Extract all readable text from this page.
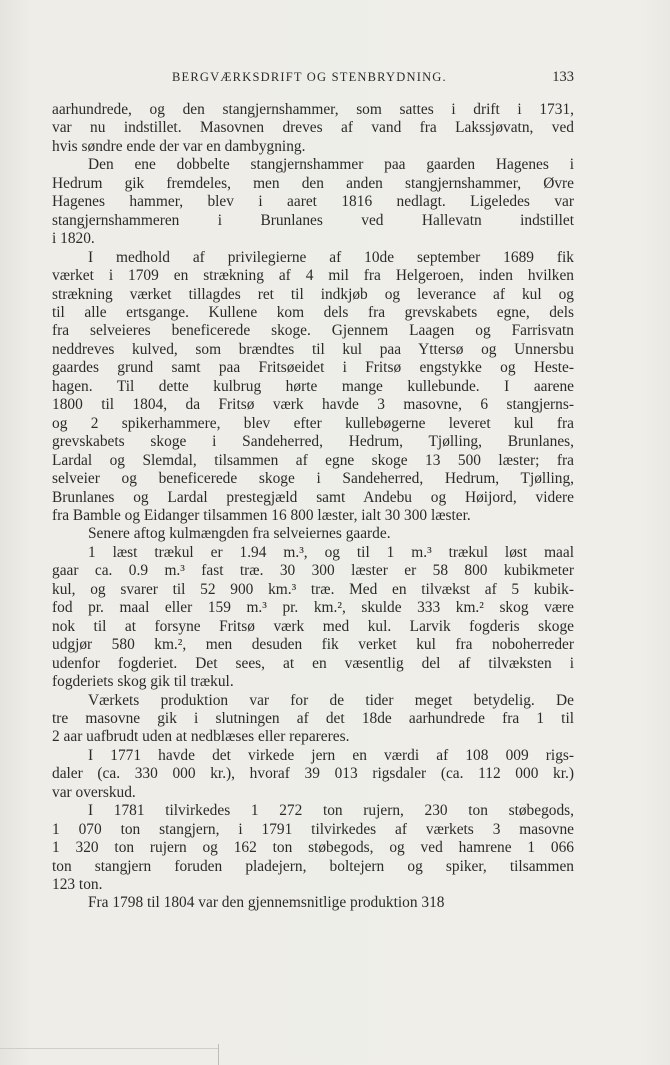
BERGVÆRKSDRIFT OG STENBRYDNING.	133
aarhundrede, og den stangjernshammer, som sattes i drift i 1731,
var nu indstillet. Masovnen dreves af vand fra Lakssjøvatn, ved
hvis søndre ende der var en dambygning.
Den ene dobbelte stangjernshammer paa gaarden Hagenes i
Hedrum gik fremdeles, men den anden stangjernshammer, Øvre
Hagenes hammer, blev i aaret 1816 nedlagt. Ligeledes var
stangjernshammeren i Brunlanes ved Hallevatn indstillet
i 1820.
I medhold af privilegierne af 10de september 1689 fik
værket i 1709 en strækning af 4 mil fra Helgeroen, inden hvilken
strækning værket tillagdes ret til indkjøb og leverance af kul og
til alle ertsgange. Kullene kom dels fra grevskabets egne, dels
fra selveieres beneficerede skoge. Gjennem Laagen og Farrisvatn
neddreves kulved, som brændtes til kul paa Yttersø og Unnersbu
gaardes grund samt paa Fritsøeidet i Fritsø engstykke og Heste-
hagen. Til dette kulbrug hørte mange kullebunde. I aarene
1800 til 1804, da Fritsø værk havde 3 masovne, 6 stangjerns-
og 2 spikerhammere, blev efter kullebøgerne leveret kul fra
grevskabets skoge i Sandeherred, Hedrum, Tjølling, Brunlanes,
Lardal og Slemdal, tilsammen af egne skoge 13 500 læster; fra
selveier og beneficerede skoge i Sandeherred, Hedrum, Tjølling,
Brunlanes og Lardal prestegjæld samt Andebu og Høijord, videre
fra Bamble og Eidanger tilsammen 16 800 læster, ialt 30 300 læster.
Senere aftog kulmængden fra selveiernes gaarde.
1 læst trækul er 1.94 m.³, og til 1 m.³ trækul løst maal
gaar ca. 0.9 m.³ fast træ. 30 300 læster er 58 800 kubikmeter
kul, og svarer til 52 900 km.³ træ. Med en tilvækst af 5 kubik-
fod pr. maal eller 159 m.³ pr. km.², skulde 333 km.² skog være
nok til at forsyne Fritsø værk med kul. Larvik fogderis skoge
udgjør 580 km.², men desuden fik verket kul fra noboherreder
udenfor fogderiet. Det sees, at en væsentlig del af tilvæksten i
fogderiets skog gik til trækul.
Værkets produktion var for de tider meget betydelig. De
tre masovne gik i slutningen af det 18de aarhundrede fra 1 til
2 aar uafbrudt uden at nedblæses eller repareres.
I 1771 havde det virkede jern en værdi af 108 009 rigs-
daler (ca. 330 000 kr.), hvoraf 39 013 rigsdaler (ca. 112 000 kr.)
var overskud.
I 1781 tilvirkedes 1 272 ton rujern, 230 ton støbegods,
1 070 ton stangjern, i 1791 tilvirkedes af værkets 3 masovne
1 320 ton rujern og 162 ton støbegods, og ved hamrene 1 066
ton stangjern foruden pladejern, boltejern og spiker, tilsammen
123 ton.
Fra 1798 til 1804 var den gjennemsnitlige produktion 318
